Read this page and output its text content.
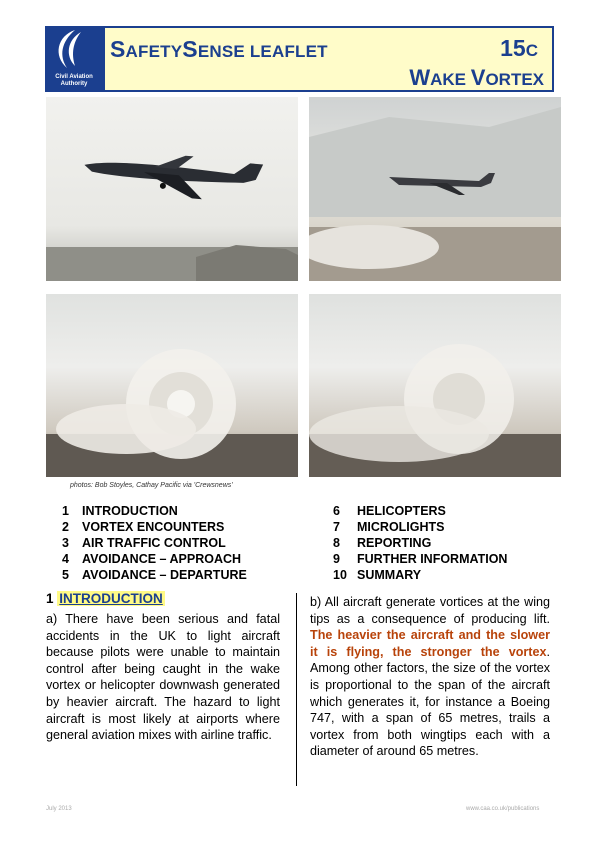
Civil Aviation
Authority
SAFETYSENSE LEAFLET	15C
WAKE VORTEX
photos: Bob Stoyles, Cathay Pacific via 'Crewsnews'
1 INTRODUCTION
2 VORTEX ENCOUNTERS
3 AIR TRAFFIC CONTROL
4 AVOIDANCE – APPROACH
5 AVOIDANCE – DEPARTURE
6 HELICOPTERS
7 MICROLIGHTS
8 REPORTING
9 FURTHER INFORMATION
10 SUMMARY
1 INTRODUCTION
a) There have been serious and fatal accidents in the UK to light aircraft because pilots were unable to maintain control after being caught in the wake vortex or helicopter downwash generated by heavier aircraft. The hazard to light aircraft is most likely at airports where general aviation mixes with airline traffic.
b) All aircraft generate vortices at the wing tips as a consequence of producing lift. The heavier the aircraft and the slower it is flying, the stronger the vortex. Among other factors, the size of the vortex is proportional to the span of the aircraft which generates it, for instance a Boeing 747, with a span of 65 metres, trails a vortex from both wingtips each with a diameter of around 65 metres.
July 2013	www.caa.co.uk/publications
